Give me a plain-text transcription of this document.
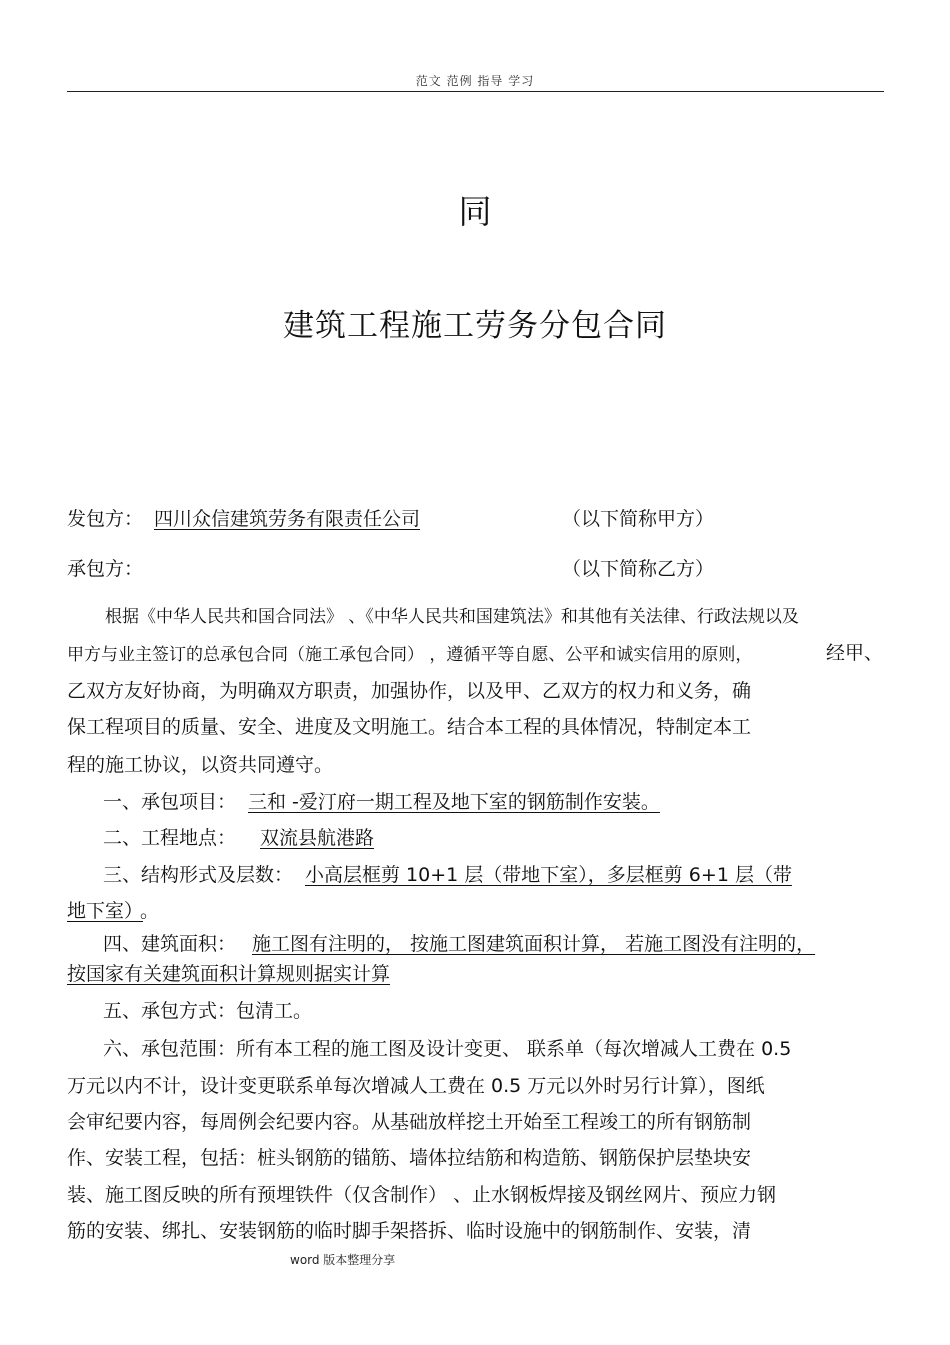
范文 范例 指导 学习
同
建筑工程施工劳务分包合同
发包方： 四川众信建筑劳务有限责任公司	（以下简称甲方）
承包方：	（以下简称乙方）
根据《中华人民共和国合同法》 、《中华人民共和国建筑法》和其他有关法律、行政法规以及
甲方与业主签订的总承包合同（施工承包合同） ，遵循平等自愿、公平和诚实信用的原则，	经甲、
乙双方友好协商，为明确双方职责，加强协作，以及甲、乙双方的权力和义务，确
保工程项目的质量、安全、进度及文明施工。结合本工程的具体情况，特制定本工
程的施工协议，以资共同遵守。
一、承包项目： 三和 -爱汀府一期工程及地下室的钢筋制作安装。
二、工程地点： 双流县航港路
三、结构形式及层数： 小高层框剪 10+1 层（带地下室），多层框剪 6+1 层（带
地下室）
。
四、建筑面积： 施工图有注明的， 按施工图建筑面积计算， 若施工图没有注明的，
按国家有关建筑面积计算规则据实计算
五、承包方式：包清工。
六、承包范围：所有本工程的施工图及设计变更、 联系单（每次增减人工费在 0.5
万元以内不计，设计变更联系单每次增减人工费在 0.5 万元以外时另行计算），图纸
会审纪要内容，每周例会纪要内容。从基础放样挖土开始至工程竣工的所有钢筋制
作、安装工程，包括：桩头钢筋的锚筋、墙体拉结筋和构造筋、钢筋保护层垫块安
装、施工图反映的所有预埋铁件（仅含制作） 、止水钢板焊接及钢丝网片、预应力钢
筋的安装、绑扎、安装钢筋的临时脚手架搭拆、临时设施中的钢筋制作、安装，清
word 版本整理分享
